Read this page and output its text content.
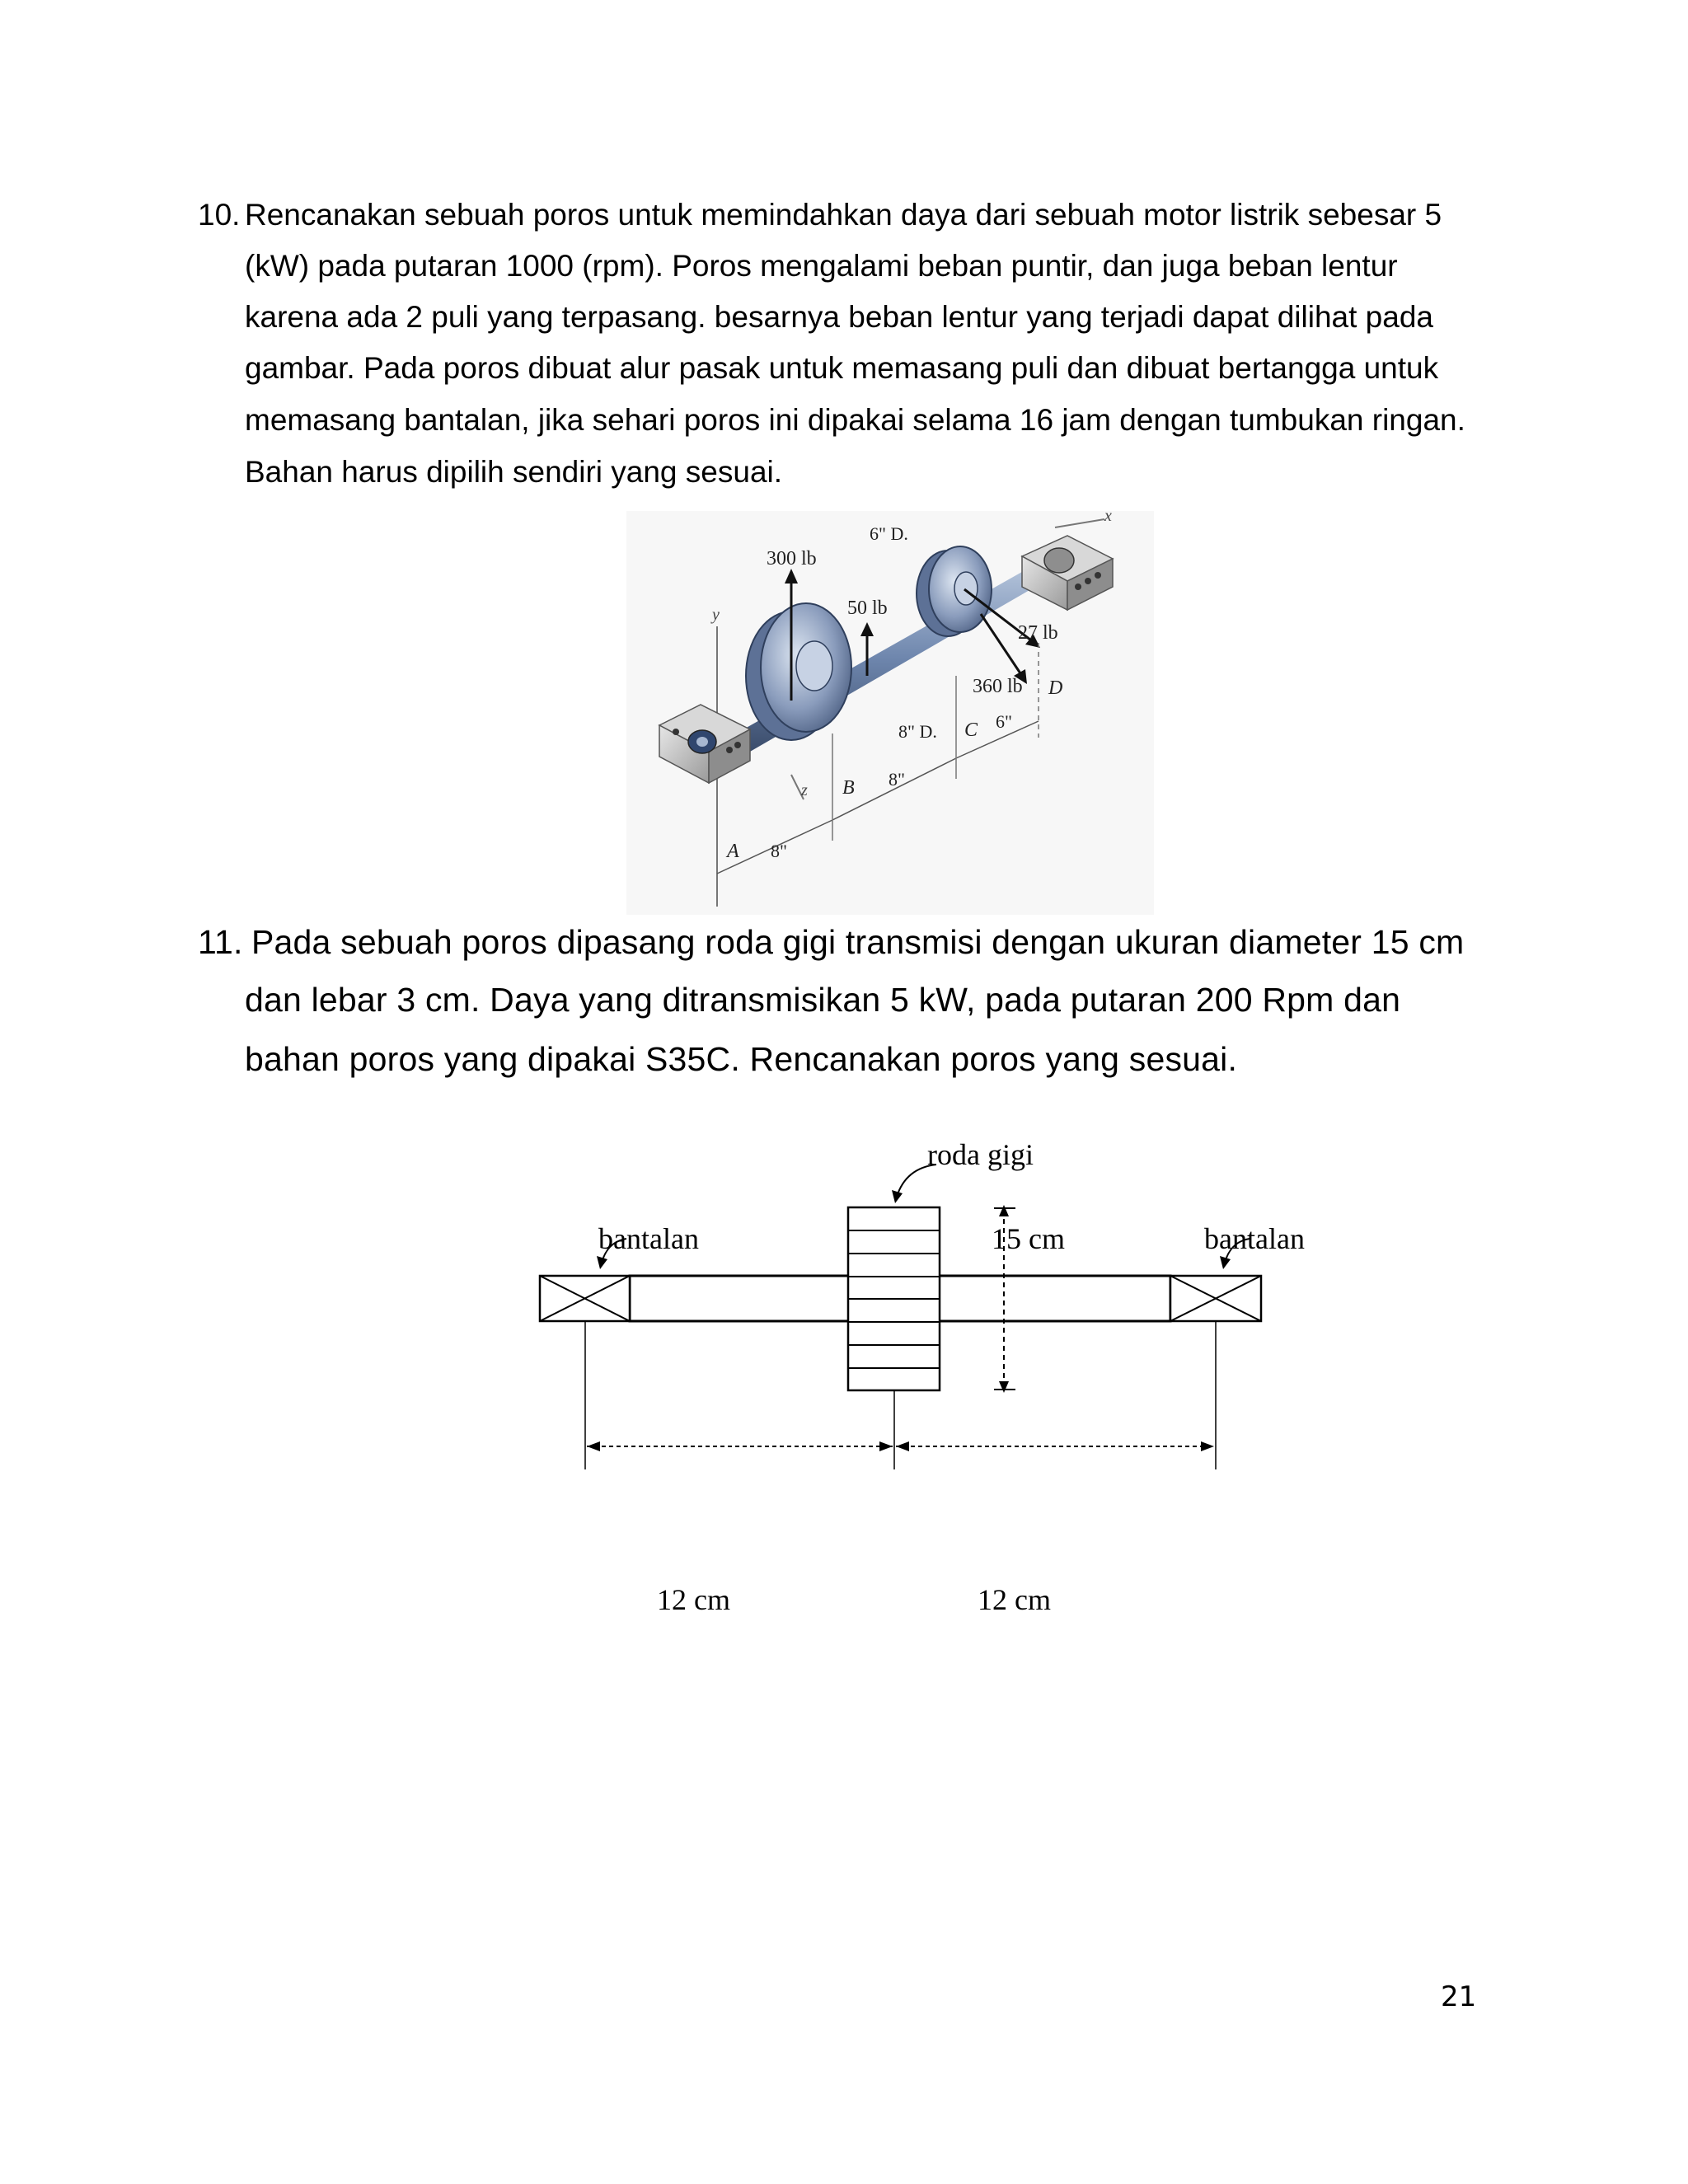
10. Rencanakan sebuah poros untuk memindahkan daya dari sebuah motor listrik sebesar 5
(kW) pada putaran 1000 (rpm). Poros mengalami beban puntir, dan juga beban lentur
karena ada 2 puli yang terpasang. besarnya beban lentur yang terjadi dapat dilihat pada
gambar. Pada poros dibuat alur pasak untuk memasang puli dan dibuat bertangga untuk
memasang bantalan, jika sehari poros ini dipakai selama 16 jam dengan tumbukan ringan.
Bahan harus dipilih sendiri yang sesuai.
300 lb
50 lb
27 lb
360 lb
6" D.
8" D.
8"
8"
6"
A
B
C
D
x
y
z
11. Pada sebuah poros dipasang roda gigi transmisi dengan ukuran diameter 15 cm
dan lebar 3 cm. Daya yang ditransmisikan 5 kW, pada putaran 200 Rpm dan
bahan poros yang dipakai S35C. Rencanakan poros yang sesuai.
roda gigi
bantalan	bantalan
15 cm
12 cm	12 cm
21
